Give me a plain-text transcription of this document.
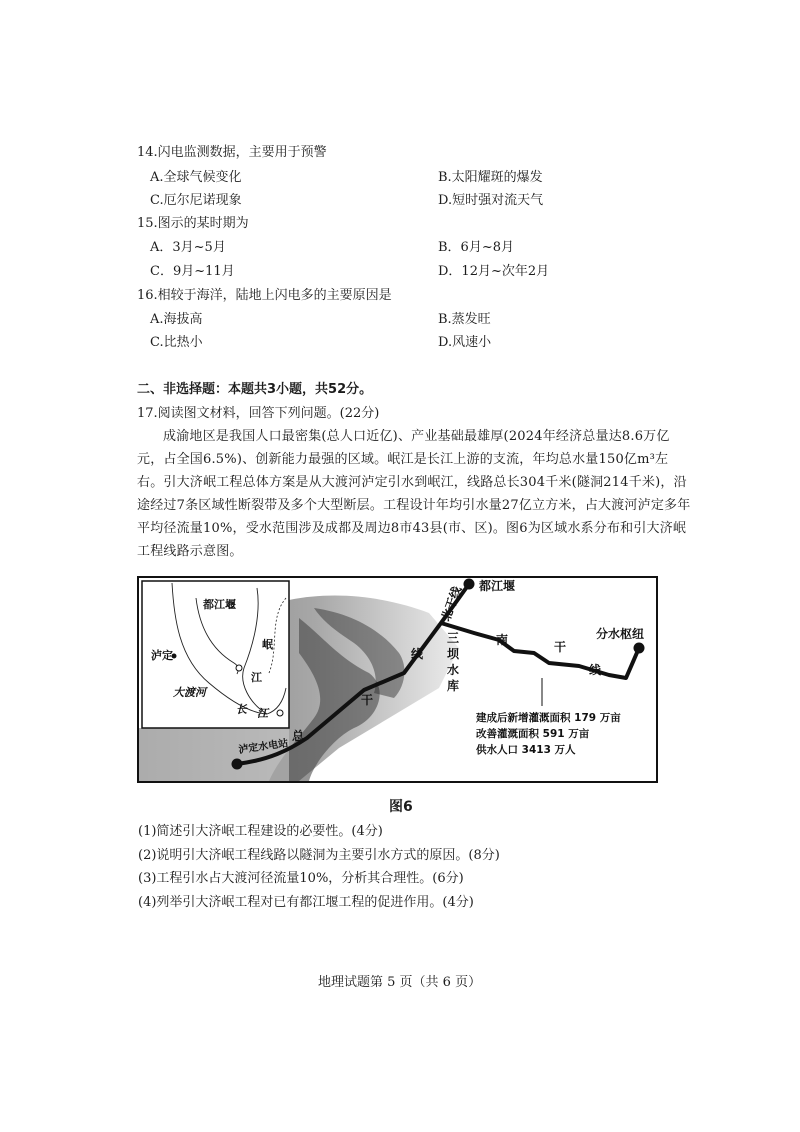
14.闪电监测数据，主要用于预警
A.全球气候变化	B.太阳耀斑的爆发
C.厄尔尼诺现象	D.短时强对流天气
15.图示的某时期为
A．3月~5月	B．6月~8月
C．9月~11月	D．12月~次年2月
16.相较于海洋，陆地上闪电多的主要原因是
A.海拔高	B.蒸发旺
C.比热小	D.风速小
二、非选择题：本题共3小题，共52分。
17.阅读图文材料，回答下列问题。(22分)
成渝地区是我国人口最密集(总人口近亿)、产业基础最雄厚(2024年经济总量达8.6万亿元，占全国6.5%)、创新能力最强的区域。岷江是长江上游的支流，年均总水量150亿m³左右。引大济岷工程总体方案是从大渡河泸定引水到岷江，线路总长304千米(隧洞214千米)，沿途经过7条区域性断裂带及多个大型断层。工程设计年均引水量27亿立方米，占大渡河泸定多年平均径流量10%，受水范围涉及成都及周边8市43县(市、区)。图6为区域水系分布和引大济岷工程线路示意图。
都江堰
泸定
大渡河
岷
江
长 江
都江堰
北干线
三
坝
水
库
南	干
线
分水枢纽
线
干
总
泸定水电站
建成后新增灌溉面积 179 万亩
改善灌溉面积 591 万亩
供水人口 3413 万人
图6
(1)简述引大济岷工程建设的必要性。(4分)
(2)说明引大济岷工程线路以隧洞为主要引水方式的原因。(8分)
(3)工程引水占大渡河径流量10%，分析其合理性。(6分)
(4)列举引大济岷工程对已有都江堰工程的促进作用。(4分)
地理试题第 5 页（共 6 页）
